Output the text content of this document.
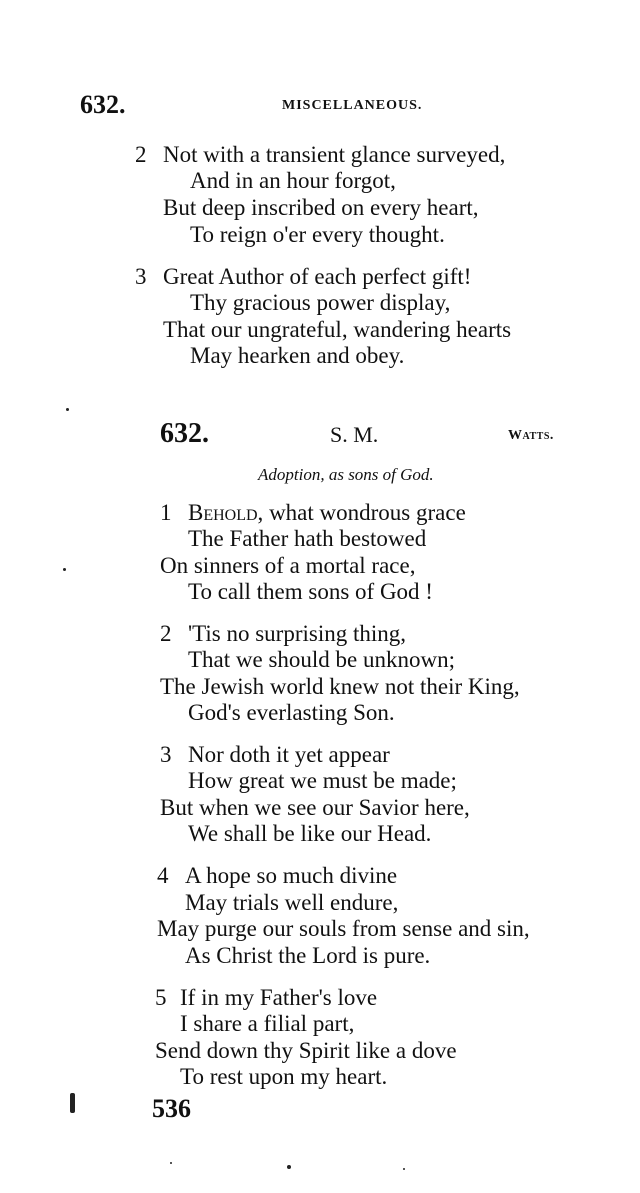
632.	MISCELLANEOUS.
2 Not with a transient glance surveyed,
And in an hour forgot,
But deep inscribed on every heart,
To reign o'er every thought.
3 Great Author of each perfect gift!
Thy gracious power display,
That our ungrateful, wandering hearts
May hearken and obey.
632.	S. M.	Watts.
Adoption, as sons of God.
1 Behold, what wondrous grace
The Father hath bestowed
On sinners of a mortal race,
To call them sons of God !
2 'Tis no surprising thing,
That we should be unknown;
The Jewish world knew not their King,
God's everlasting Son.
3 Nor doth it yet appear
How great we must be made;
But when we see our Savior here,
We shall be like our Head.
4 A hope so much divine
May trials well endure,
May purge our souls from sense and sin,
As Christ the Lord is pure.
5 If in my Father's love
I share a filial part,
Send down thy Spirit like a dove
To rest upon my heart.
536
